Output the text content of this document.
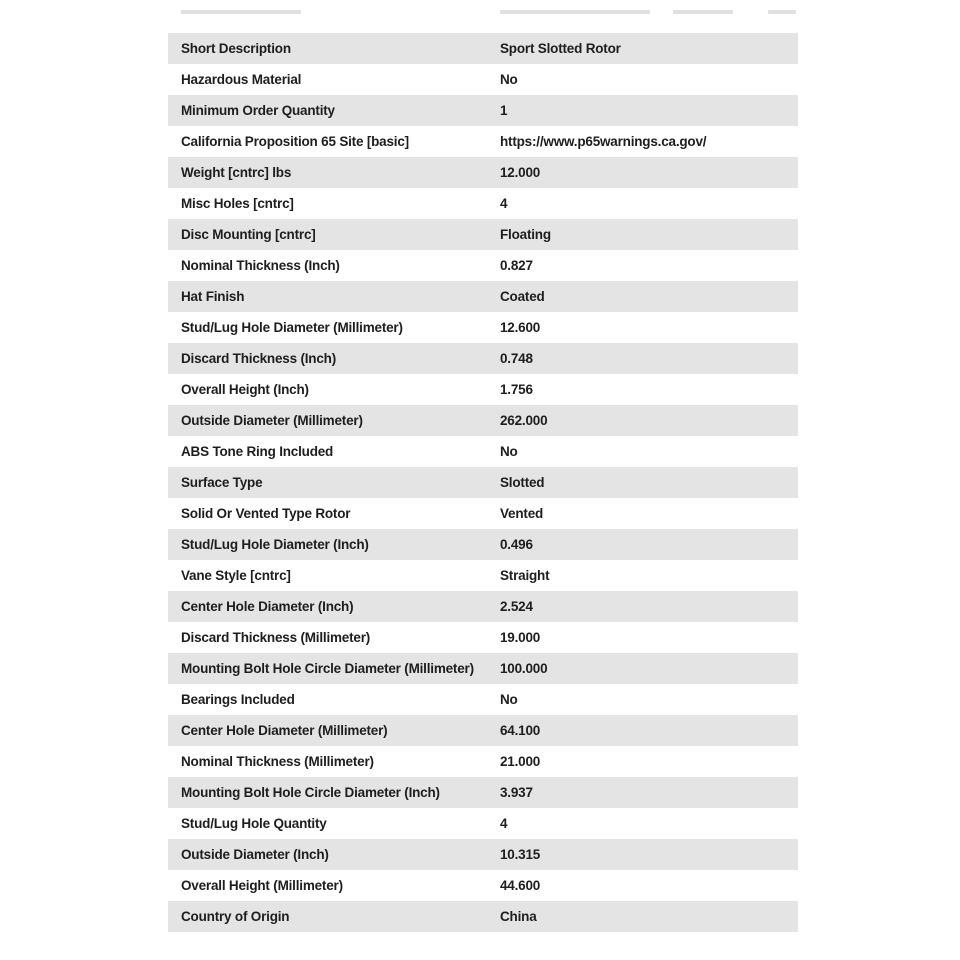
Short Description	Sport Slotted Rotor
Hazardous Material	No
Minimum Order Quantity	1
California Proposition 65 Site [basic]	https://www.p65warnings.ca.gov/
Weight [cntrc] lbs	12.000
Misc Holes [cntrc]	4
Disc Mounting [cntrc]	Floating
Nominal Thickness (Inch)	0.827
Hat Finish	Coated
Stud/Lug Hole Diameter (Millimeter)	12.600
Discard Thickness (Inch)	0.748
Overall Height (Inch)	1.756
Outside Diameter (Millimeter)	262.000
ABS Tone Ring Included	No
Surface Type	Slotted
Solid Or Vented Type Rotor	Vented
Stud/Lug Hole Diameter (Inch)	0.496
Vane Style [cntrc]	Straight
Center Hole Diameter (Inch)	2.524
Discard Thickness (Millimeter)	19.000
Mounting Bolt Hole Circle Diameter (Millimeter)	100.000
Bearings Included	No
Center Hole Diameter (Millimeter)	64.100
Nominal Thickness (Millimeter)	21.000
Mounting Bolt Hole Circle Diameter (Inch)	3.937
Stud/Lug Hole Quantity	4
Outside Diameter (Inch)	10.315
Overall Height (Millimeter)	44.600
Country of Origin	China
